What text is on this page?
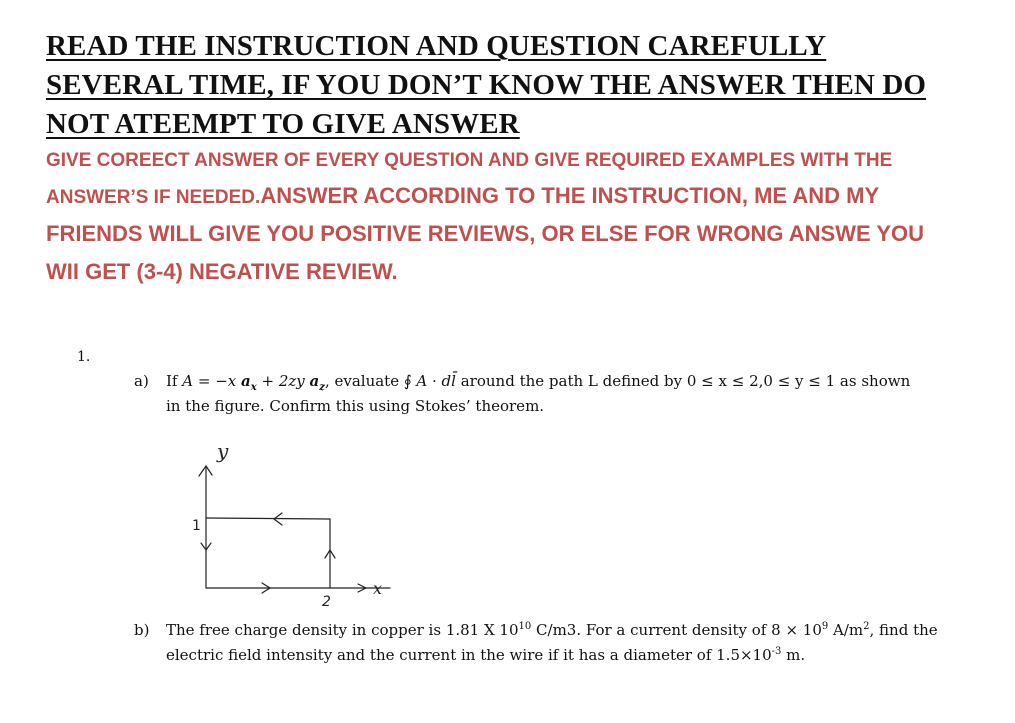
READ THE INSTRUCTION AND QUESTION CAREFULLY
SEVERAL TIME, IF YOU DON’T KNOW THE ANSWER THEN DO
NOT ATEEMPT TO GIVE ANSWER
GIVE COREECT ANSWER OF EVERY QUESTION AND GIVE REQUIRED EXAMPLES WITH THE
ANSWER’S IF NEEDED.ANSWER ACCORDING TO THE INSTRUCTION, ME AND MY
FRIENDS WILL GIVE YOU POSITIVE REVIEWS, OR ELSE FOR WRONG ANSWE YOU
WII GET (3-4) NEGATIVE REVIEW.
1.
a) If A = −x $a_x + 2zy$ $a_z$, evaluate ∮ A · dl̄ around the path L defined by 0 ≤ x ≤ 2,0 ≤ y ≤ 1 as shown
in the figure. Confirm this using Stokes’ theorem.
y
x
1
2
b) The free charge density in copper is 1.81 X $10^{10}$ C/m3. For a current density of $8 \times 10^9$ $A/m^2$, find the
electric field intensity and the current in the wire if it has a diameter of $1.5\times 10^{-3}$ m.
